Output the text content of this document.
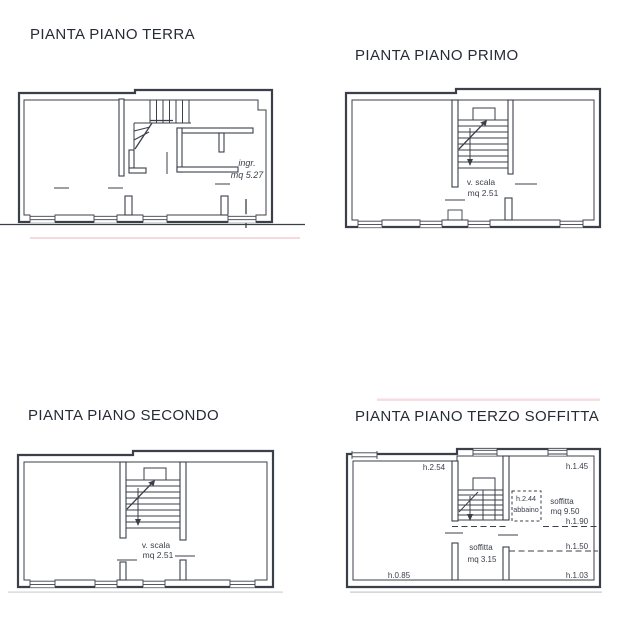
PIANTA PIANO TERRA
PIANTA PIANO PRIMO
PIANTA PIANO SECONDO	PIANTA PIANO TERZO SOFFITTA
ingr.
mq 5.27
v. scala
mq 2.51
v. scala
mq 2.51
h.2.54	h.1.45
h.2.44
abbaino
soffitta
mq 9.50
h.1.90
soffitta
mq 3.15
h.1.50
h.0.85	h.1.03
